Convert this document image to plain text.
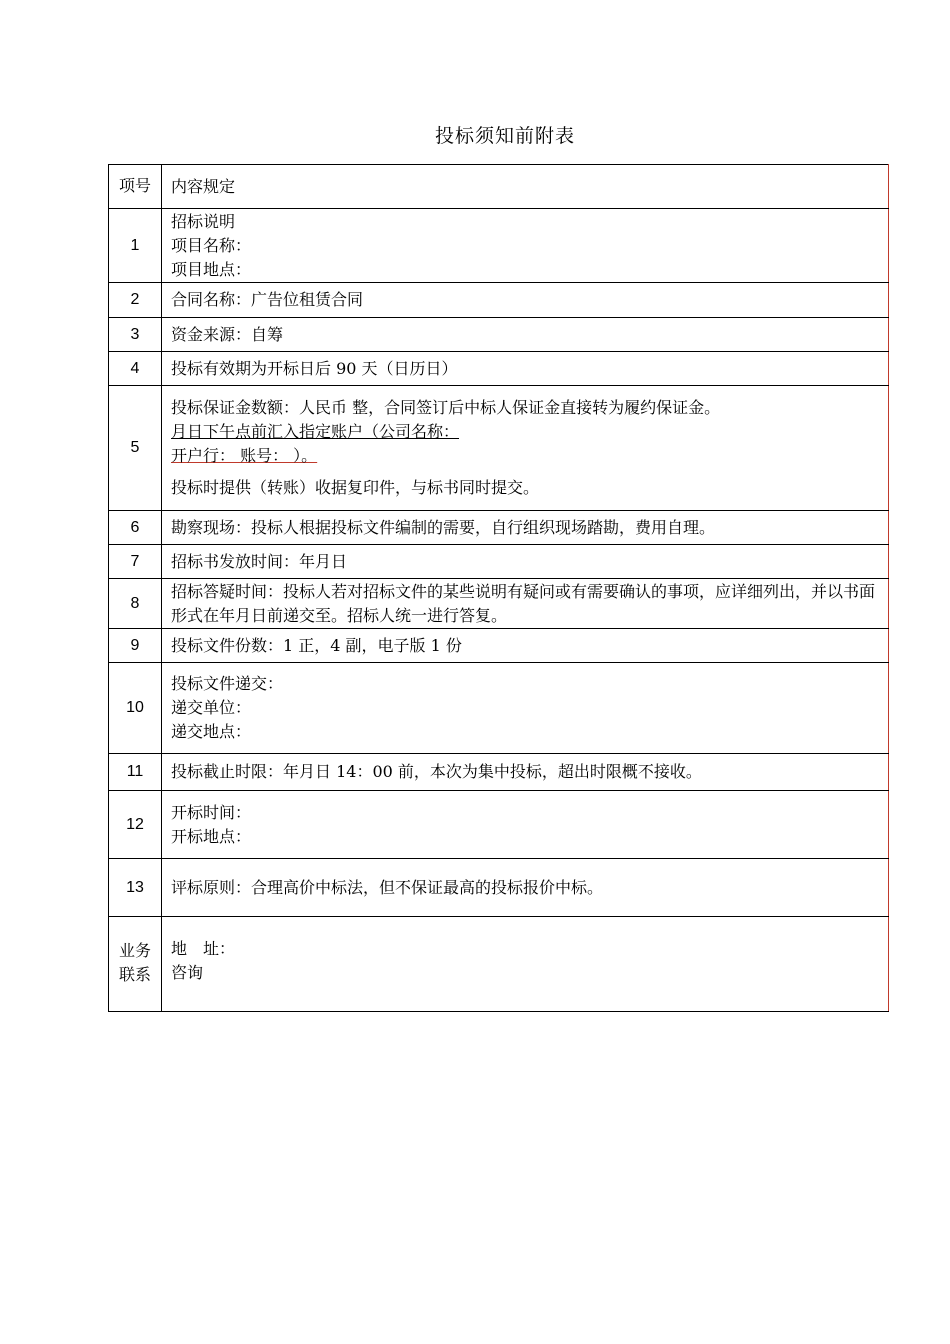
投标须知前附表
项号	内容规定
1	招标说明
项目名称：
项目地点：

2	合同名称：广告位租赁合同

3	资金来源：自筹

4	投标有效期为开标日后 90 天（日历日）

5	投标保证金数额：人民币 整，合同签订后中标人保证金直接转为履约保证金。
月日下午点前汇入指定账户（公司名称：
开户行： 账号： ）。
投标时提供（转账）收据复印件，与标书同时提交。

6	勘察现场：投标人根据投标文件编制的需要，自行组织现场踏勘，费用自理。

7	招标书发放时间：年月日

8	招标答疑时间：投标人若对招标文件的某些说明有疑问或有需要确认的事项，应详细列出，并以书面形式在年月日前递交至。招标人统一进行答复。

9	投标文件份数：1 正，4 副，电子版 1 份

10	投标文件递交：
递交单位：
递交地点：

11	投标截止时限：年月日 14：00 前，本次为集中投标，超出时限概不接收。

12	开标时间：
开标地点：

13	评标原则：合理高价中标法，但不保证最高的投标报价中标。

业务
联系	地　址：
咨询
